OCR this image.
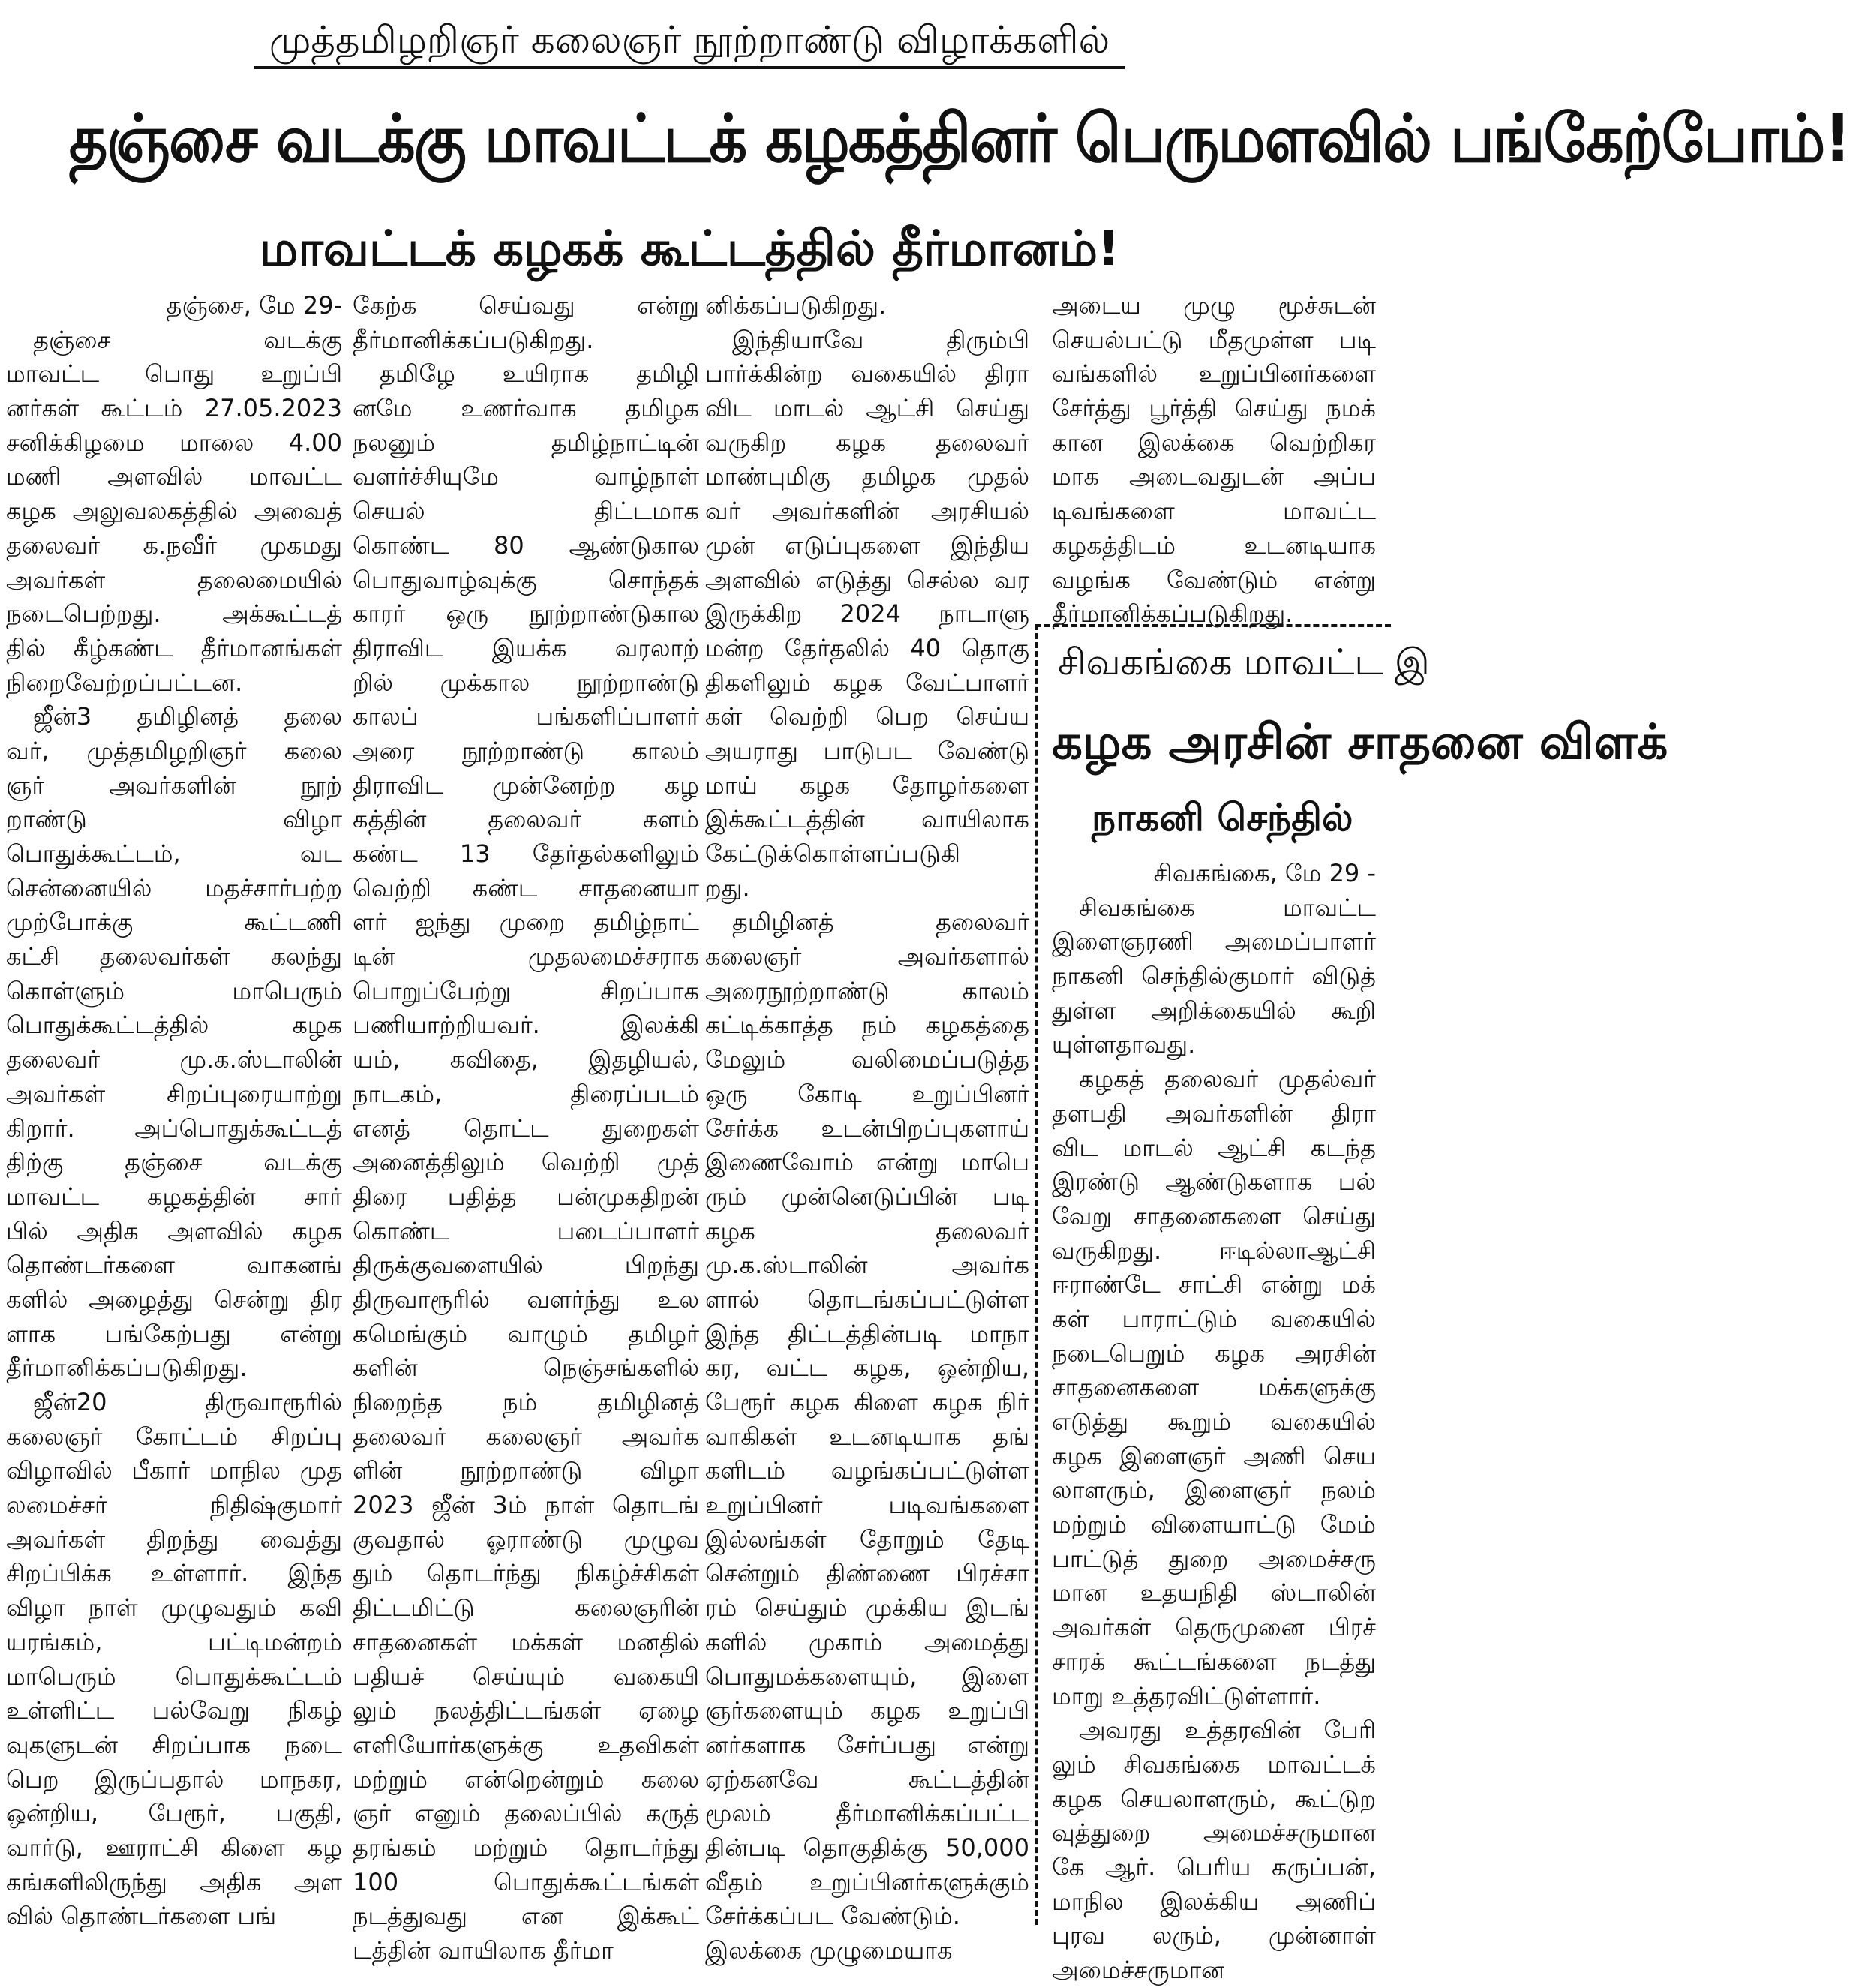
முத்தமிழறிஞர் கலைஞர் நூற்றாண்டு விழாக்களில்
தஞ்சை வடக்கு மாவட்டக் கழகத்தினர் பெருமளவில் பங்கேற்போம்!
மாவட்டக் கழகக் கூட்டத்தில் தீர்மானம்!

தஞ்சை, மே 29-

தஞ்சை வடக்கு

மாவட்ட பொது உறுப்பி

னர்கள் கூட்டம் 27.05.2023

சனிக்கிழமை மாலை 4.00

மணி அளவில் மாவட்ட

கழக அலுவலகத்தில் அவைத்

தலைவர் க.நவீர் முகமது

அவர்கள் தலைமையில்

நடைபெற்றது. அக்கூட்டத்

தில் கீழ்கண்ட தீர்மானங்கள்

நிறைவேற்றப்பட்டன.

ஜீன்3 தமிழினத் தலை

வர், முத்தமிழறிஞர் கலை

ஞர் அவர்களின் நூற்

றாண்டு விழா

பொதுக்கூட்டம், வட

சென்னையில் மதச்சார்பற்ற

முற்போக்கு கூட்டணி

கட்சி தலைவர்கள் கலந்து

கொள்ளும் மாபெரும்

பொதுக்கூட்டத்தில் கழக

தலைவர் மு.க.ஸ்டாலின்

அவர்கள் சிறப்புரையாற்று

கிறார். அப்பொதுக்கூட்டத்

திற்கு தஞ்சை வடக்கு

மாவட்ட கழகத்தின் சார்

பில் அதிக அளவில் கழக

தொண்டர்களை வாகனங்

களில் அழைத்து சென்று திர

ளாக பங்கேற்பது என்று

தீர்மானிக்கப்படுகிறது.

ஜீன்20 திருவாரூரில்

கலைஞர் கோட்டம் சிறப்பு

விழாவில் பீகார் மாநில முத

லமைச்சர் நிதிஷ்குமார்

அவர்கள் திறந்து வைத்து

சிறப்பிக்க உள்ளார். இந்த

விழா நாள் முழுவதும் கவி

யரங்கம், பட்டிமன்றம்

மாபெரும் பொதுக்கூட்டம்

உள்ளிட்ட பல்வேறு நிகழ்

வுகளுடன் சிறப்பாக நடை

பெற இருப்பதால் மாநகர,

ஒன்றிய, பேரூர், பகுதி,

வார்டு, ஊராட்சி கிளை கழ

கங்களிலிருந்து அதிக அள

வில் தொண்டர்களை பங்

கேற்க செய்வது என்று

தீர்மானிக்கப்படுகிறது.

தமிழே உயிராக தமிழி

னமே உணர்வாக தமிழக

நலனும் தமிழ்நாட்டின்

வளர்ச்சியுமே வாழ்நாள்

செயல் திட்டமாக

கொண்ட 80 ஆண்டுகால

பொதுவாழ்வுக்கு சொந்தக்

காரர் ஒரு நூற்றாண்டுகால

திராவிட இயக்க வரலாற்

றில் முக்கால நூற்றாண்டு

காலப் பங்களிப்பாளர்

அரை நூற்றாண்டு காலம்

திராவிட முன்னேற்ற கழ

கத்தின் தலைவர் களம்

கண்ட 13 தேர்தல்களிலும்

வெற்றி கண்ட சாதனையா

ளர் ஐந்து முறை தமிழ்நாட்

டின் முதலமைச்சராக

பொறுப்பேற்று சிறப்பாக

பணியாற்றியவர். இலக்கி

யம், கவிதை, இதழியல்,

நாடகம், திரைப்படம்

எனத் தொட்ட துறைகள்

அனைத்திலும் வெற்றி முத்

திரை பதித்த பன்முகதிறன்

கொண்ட படைப்பாளர்

திருக்குவளையில் பிறந்து

திருவாரூரில் வளர்ந்து உல

கமெங்கும் வாழும் தமிழர்

களின் நெஞ்சங்களில்

நிறைந்த நம் தமிழினத்

தலைவர் கலைஞர் அவர்க

ளின் நூற்றாண்டு விழா

2023 ஜீன் 3ம் நாள் தொடங்

குவதால் ஓராண்டு முழுவ

தும் தொடர்ந்து நிகழ்ச்சிகள்

திட்டமிட்டு கலைஞரின்

சாதனைகள் மக்கள் மனதில்

பதியச் செய்யும் வகையி

லும் நலத்திட்டங்கள் ஏழை

எளியோர்களுக்கு உதவிகள்

மற்றும் என்றென்றும் கலை

ஞர் எனும் தலைப்பில் கருத்

தரங்கம் மற்றும் தொடர்ந்து

100 பொதுக்கூட்டங்கள்

நடத்துவது என இக்கூட்

டத்தின் வாயிலாக தீர்மா

னிக்கப்படுகிறது.

இந்தியாவே திரும்பி

பார்க்கின்ற வகையில் திரா

விட மாடல் ஆட்சி செய்து

வருகிற கழக தலைவர்

மாண்புமிகு தமிழக முதல்

வர் அவர்களின் அரசியல்

முன் எடுப்புகளை இந்திய

அளவில் எடுத்து செல்ல வர

இருக்கிற 2024 நாடாளு

மன்ற தேர்தலில் 40 தொகு

திகளிலும் கழக வேட்பாளர்

கள் வெற்றி பெற செய்ய

அயராது பாடுபட வேண்டு

மாய் கழக தோழர்களை

இக்கூட்டத்தின் வாயிலாக

கேட்டுக்கொள்ளப்படுகி

றது.

தமிழினத் தலைவர்

கலைஞர் அவர்களால்

அரைநூற்றாண்டு காலம்

கட்டிக்காத்த நம் கழகத்தை

மேலும் வலிமைப்படுத்த

ஒரு கோடி உறுப்பினர்

சேர்க்க உடன்பிறப்புகளாய்

இணைவோம் என்று மாபெ

ரும் முன்னெடுப்பின் படி

கழக தலைவர்

மு.க.ஸ்டாலின் அவர்க

ளால் தொடங்கப்பட்டுள்ள

இந்த திட்டத்தின்படி மாநா

கர, வட்ட கழக, ஒன்றிய,

பேரூர் கழக கிளை கழக நிர்

வாகிகள் உடனடியாக தங்

களிடம் வழங்கப்பட்டுள்ள

உறுப்பினர் படிவங்களை

இல்லங்கள் தோறும் தேடி

சென்றும் திண்ணை பிரச்சா

ரம் செய்தும் முக்கிய இடங்

களில் முகாம் அமைத்து

பொதுமக்களையும், இளை

ஞர்களையும் கழக உறுப்பி

னர்களாக சேர்ப்பது என்று

ஏற்கனவே கூட்டத்தின்

மூலம் தீர்மானிக்கப்பட்ட

தின்படி தொகுதிக்கு 50,000

வீதம் உறுப்பினர்களுக்கும்

சேர்க்கப்பட வேண்டும்.

இலக்கை முழுமையாக

அடைய முழு மூச்சுடன்

செயல்பட்டு மீதமுள்ள படி

வங்களில் உறுப்பினர்களை

சேர்த்து பூர்த்தி செய்து நமக்

கான இலக்கை வெற்றிகர

மாக அடைவதுடன் அப்ப

டிவங்களை மாவட்ட

கழகத்திடம் உடனடியாக

வழங்க வேண்டும் என்று

தீர்மானிக்கப்படுகிறது.

சிவகங்கை மாவட்ட இ
கழக அரசின் சாதனை விளக்
நாகனி செந்தில்

சிவகங்கை, மே 29 -

சிவகங்கை மாவட்ட

இளைஞரணி அமைப்பாளர்

நாகனி செந்தில்குமார் விடுத்

துள்ள அறிக்கையில் கூறி

யுள்ளதாவது.

கழகத் தலைவர் முதல்வர்

தளபதி அவர்களின் திரா

விட மாடல் ஆட்சி கடந்த

இரண்டு ஆண்டுகளாக பல்

வேறு சாதனைகளை செய்து

வருகிறது. ஈடில்லாஆட்சி

ஈராண்டே சாட்சி என்று மக்

கள் பாராட்டும் வகையில்

நடைபெறும் கழக அரசின்

சாதனைகளை மக்களுக்கு

எடுத்து கூறும் வகையில்

கழக இளைஞர் அணி செய

லாளரும், இளைஞர் நலம்

மற்றும் விளையாட்டு மேம்

பாட்டுத் துறை அமைச்சரு

மான உதயநிதி ஸ்டாலின்

அவர்கள் தெருமுனை பிரச்

சாரக் கூட்டங்களை நடத்து

மாறு உத்தரவிட்டுள்ளார்.

அவரது உத்தரவின் பேரி

லும் சிவகங்கை மாவட்டக்

கழக செயலாளரும், கூட்டுற

வுத்துறை அமைச்சருமான

கே ஆர். பெரிய கருப்பன்,

மாநில இலக்கிய அணிப்

புரவ லரும், முன்னாள்

அமைச்சருமான
